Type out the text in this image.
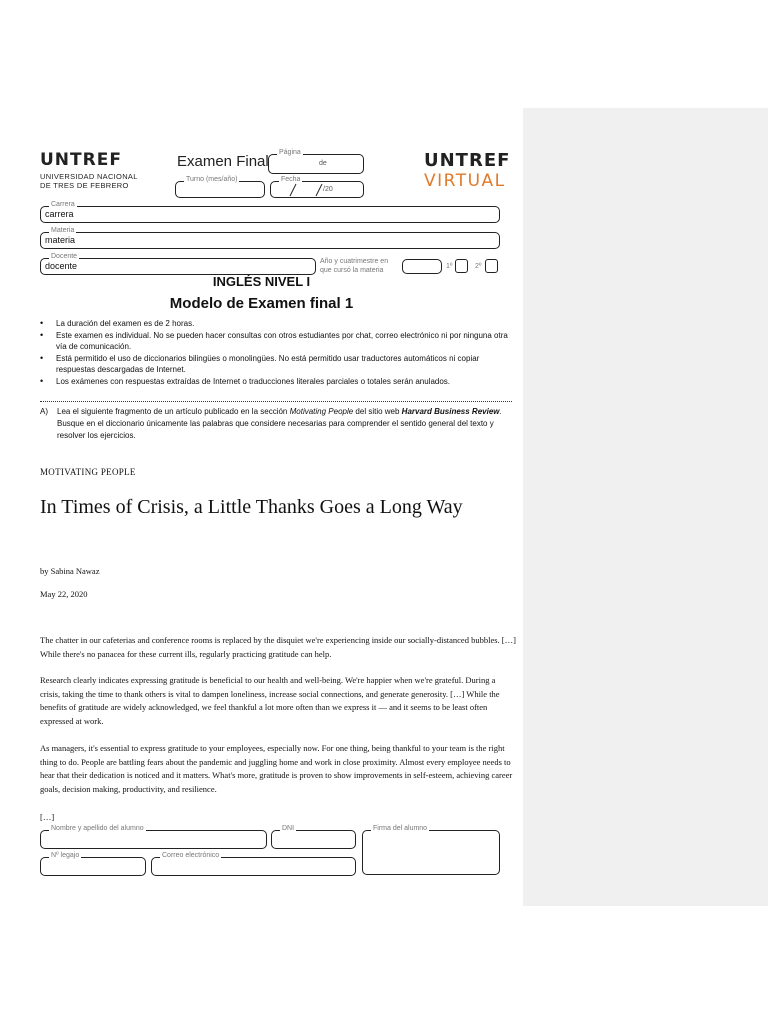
UNTREF
UNIVERSIDAD NACIONAL
DE TRES DE FEBRERO
Examen Final
Página
de
Turno (mes/año)	Fecha
/20
UNTREF
VIRTUAL
Carrera
carrera
Materia
materia
Docente
docente	Año y cuatrimestre en
que cursó la materia
1º	2º
INGLÉS NIVEL I
Modelo de Examen final 1
• La duración del examen es de 2 horas.
• Este examen es individual. No se pueden hacer consultas con otros estudiantes por chat, correo electrónico ni por ninguna otra vía de comunicación.
• Está permitido el uso de diccionarios bilingües o monolingües. No está permitido usar traductores automáticos ni copiar respuestas descargadas de Internet.
• Los exámenes con respuestas extraídas de Internet o traducciones literales parciales o totales serán anulados.
A) Lea el siguiente fragmento de un artículo publicado en la sección Motivating People del sitio web Harvard Business Review. Busque en el diccionario únicamente las palabras que considere necesarias para comprender el sentido general del texto y resolver los ejercicios.
MOTIVATING PEOPLE
In Times of Crisis, a Little Thanks Goes a Long Way
by Sabina Nawaz
May 22, 2020

The chatter in our cafeterias and conference rooms is replaced by the disquiet we're experiencing inside our socially-distanced bubbles. […] While there's no panacea for these current ills, regularly practicing gratitude can help.

Research clearly indicates expressing gratitude is beneficial to our health and well-being. We're happier when we're grateful. During a crisis, taking the time to thank others is vital to dampen loneliness, increase social connections, and generate generosity. […] While the benefits of gratitude are widely acknowledged, we feel thankful a lot more often than we express it — and it seems to be least often expressed at work.

As managers, it's essential to express gratitude to your employees, especially now. For one thing, being thankful to your team is the right thing to do. People are battling fears about the pandemic and juggling home and work in close proximity. Almost every employee needs to hear that their dedication is noticed and it matters. What's more, gratitude is proven to show improvements in self-esteem, achieving career goals, decision making, productivity, and resilience.

[…]
Nombre y apellido del alumno	DNI	Firma del alumno
Nº legajo	Correo electrónico
